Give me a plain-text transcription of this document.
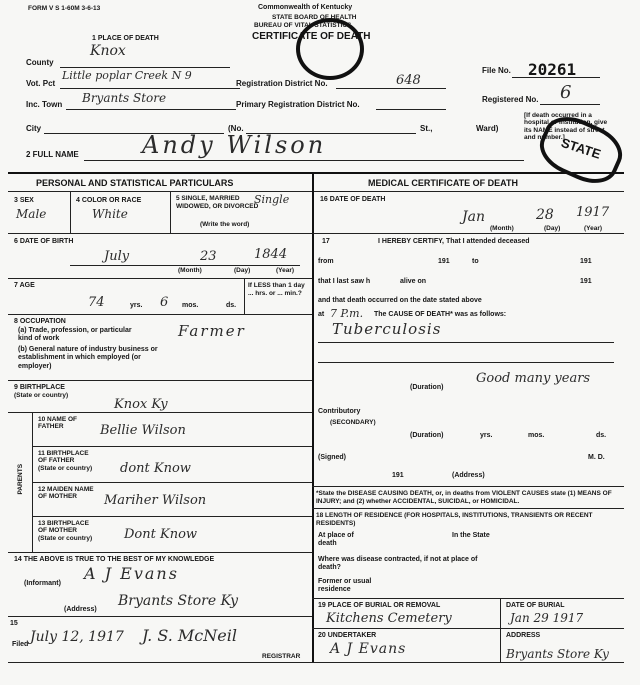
FORM V S 1-60M 3-6-13	Commonwealth of Kentucky
STATE BOARD OF HEALTH
BUREAU OF VITAL STATISTICS
CERTIFICATE OF DEATH
1 PLACE OF DEATH
County
Knox
Vot. Pct
Little poplar Creek N 9
Registration District No.	648
Inc. Town Bryants Store	Primary Registration District No.
City	(No.	St.,	Ward)
File No. 20261
Registered No. 6
[If death occurred in a hospital or institution, give its NAME instead of street and number.]
STATE
2 FULL NAME	Andy Wilson
PERSONAL AND STATISTICAL PARTICULARS
3 SEX
Male
4 COLOR OR RACE
White
5 SINGLE, MARRIED WIDOWED, OR DIVORCED
(Write the word)
Single
6 DATE OF BIRTH
July	23	1844
(Month)	(Day)	(Year)
7 AGE
74	yrs. 6 mos.	ds.
If LESS than 1 day ... hrs. or ... min.?
8 OCCUPATION
(a) Trade, profession, or particular kind of work
(b) General nature of industry business or establishment in which employed (or employer)
Farmer
9 BIRTHPLACE
(State or country)
Knox Ky
PARENTS
10 NAME OF FATHER	Bellie Wilson
11 BIRTHPLACE OF FATHER
(State or country) dont Know
12 MAIDEN NAME OF MOTHER	Mariher Wilson
13 BIRTHPLACE OF MOTHER
(State or country) Dont Know
14 THE ABOVE IS TRUE TO THE BEST OF MY KNOWLEDGE
(Informant)
A J Evans
(Address)
Bryants Store Ky
15
Filed July 12, 1917 J. S. McNeil
REGISTRAR
MEDICAL CERTIFICATE OF DEATH
16 DATE OF DEATH
Jan	28 1917
(Month)	(Day)	(Year)
17	I HEREBY CERTIFY, That I attended deceased
from	191	to	191
that I last saw h	alive on	191
and that death occurred on the date stated above
at 7 P.m. The CAUSE OF DEATH* was as follows:
Tuberculosis
(Duration)
Good many years
Contributory
(SECONDARY)
(Duration)	yrs.	mos.	ds.
(Signed)	M. D.
191	(Address)
*State the DISEASE CAUSING DEATH, or, in deaths from VIOLENT CAUSES state (1) MEANS OF INJURY; and (2) whether ACCIDENTAL, SUICIDAL, or HOMICIDAL.
18 LENGTH OF RESIDENCE (FOR HOSPITALS, INSTITUTIONS, TRANSIENTS OR RECENT RESIDENTS)
At place of death
In the State
Where was disease contracted, if not at place of death?
Former or usual residence
19 PLACE OF BURIAL OR REMOVAL	DATE OF BURIAL
Kitchens Cemetery	Jan 29 1917
20 UNDERTAKER	ADDRESS
A J Evans	Bryants Store Ky
